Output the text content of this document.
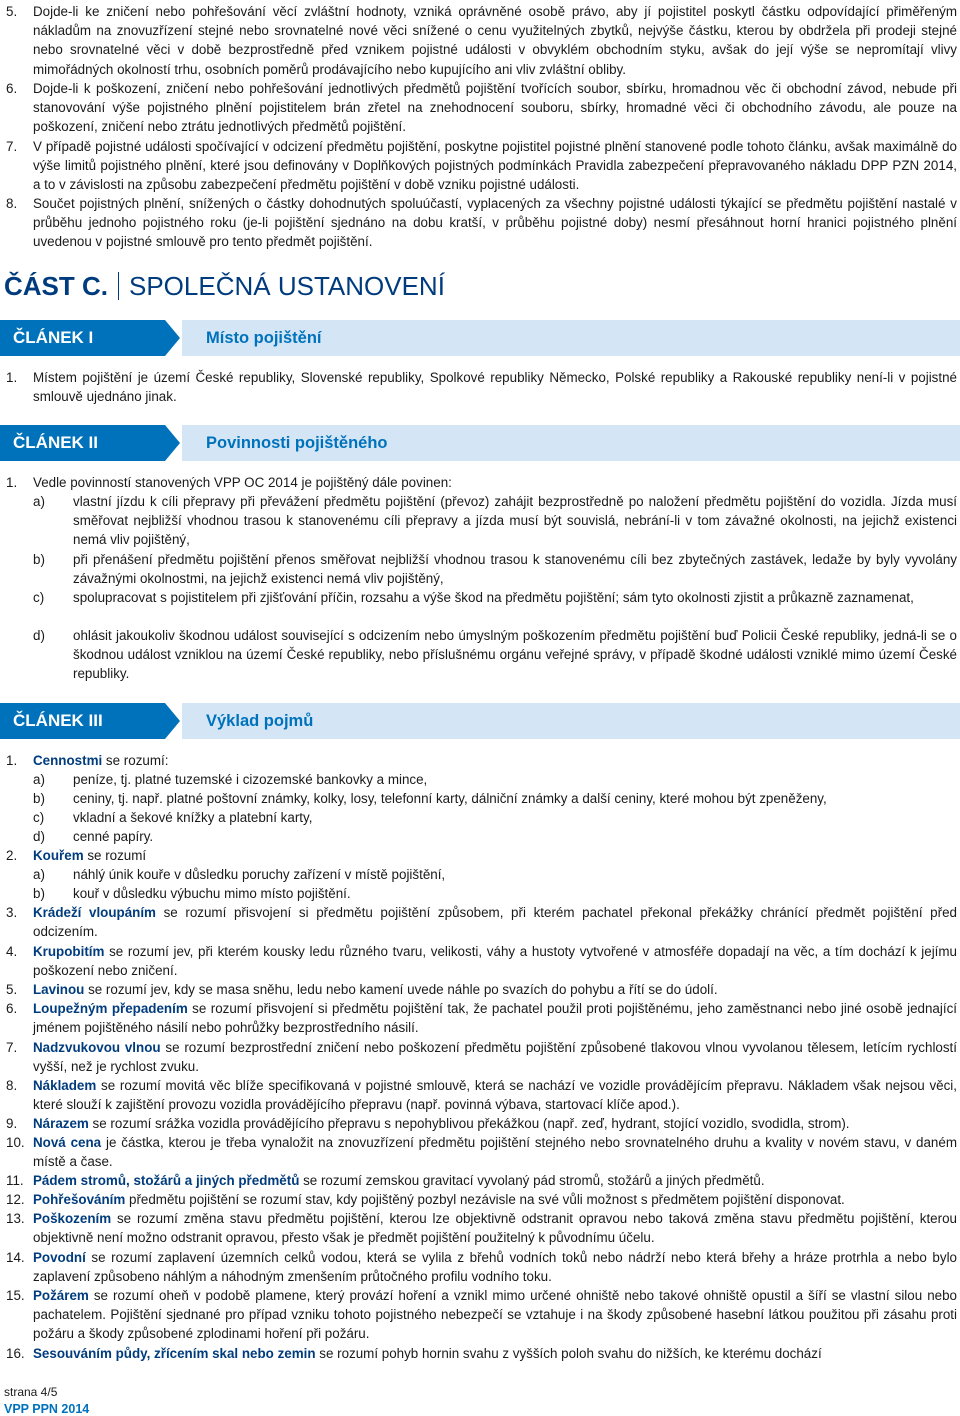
5.	Dojde-li ke zničení nebo pohřešování věcí zvláštní hodnoty, vzniká oprávněné osobě právo, aby jí pojistitel poskytl částku odpovídající přiměřeným nákladům na znovuzřízení stejné nebo srovnatelné nové věci snížené o cenu využitelných zbytků, nejvýše částku, kterou by obdržela při prodeji stejné nebo srovnatelné věci v době bezprostředně před vznikem pojistné události v obvyklém obchodním styku, avšak do její výše se nepromítají vlivy mimořádných okolností trhu, osobních poměrů prodávajícího nebo kupujícího ani vliv zvláštní obliby.
6.	Dojde-li k poškození, zničení nebo pohřešování jednotlivých předmětů pojištění tvořících soubor, sbírku, hromadnou věc či obchodní závod, nebude při stanovování výše pojistného plnění pojistitelem brán zřetel na znehodnocení souboru, sbírky, hromadné věci či obchodního závodu, ale pouze na poškození, zničení nebo ztrátu jednotlivých předmětů pojištění.
7.	V případě pojistné události spočívající v odcizení předmětu pojištění, poskytne pojistitel pojistné plnění stanovené podle tohoto článku, avšak maximálně do výše limitů pojistného plnění, které jsou definovány v Doplňkových pojistných podmínkách Pravidla zabezpečení přepravovaného nákladu DPP PZN 2014, a to v závislosti na způsobu zabezpečení předmětu pojištění v době vzniku pojistné události.
8.	Součet pojistných plnění, snížených o částky dohodnutých spoluúčastí, vyplacených za všechny pojistné události týkající se předmětu pojištění nastalé v průběhu jednoho pojistného roku (je-li pojištění sjednáno na dobu kratší, v průběhu pojistné doby) nesmí přesáhnout horní hranici pojistného plnění uvedenou v pojistné smlouvě pro tento předmět pojištění.
ČÁST C. SPOLEČNÁ USTANOVENÍ
ČLÁNEK I	Místo pojištění
1.	Místem pojištění je území České republiky, Slovenské republiky, Spolkové republiky Německo, Polské republiky a Rakouské republiky není-li v pojistné smlouvě ujednáno jinak.
ČLÁNEK II	Povinnosti pojištěného
1.	Vedle povinností stanovených VPP OC 2014 je pojištěný dále povinen:
a)	vlastní jízdu k cíli přepravy při převážení předmětu pojištění (převoz) zahájit bezprostředně po naložení předmětu pojištění do vozidla. Jízda musí směřovat nejbližší vhodnou trasou k stanovenému cíli přepravy a jízda musí být souvislá, nebrání-li v tom závažné okolnosti, na jejichž existenci nemá vliv pojištěný,
b)	při přenášení předmětu pojištění přenos směřovat nejbližší vhodnou trasou k stanovenému cíli bez zbytečných zastávek, ledaže by byly vyvolány závažnými okolnostmi, na jejichž existenci nemá vliv pojištěný,
c)	spolupracovat s pojistitelem při zjišťování příčin, rozsahu a výše škod na předmětu pojištění; sám tyto okolnosti zjistit a průkazně zaznamenat,
d)	ohlásit jakoukoliv škodnou událost související s odcizením nebo úmyslným poškozením předmětu pojištění buď Policii České republiky, jedná-li se o škodnou událost vzniklou na území České republiky, nebo příslušnému orgánu veřejné správy, v případě škodné události vzniklé mimo území České republiky.
ČLÁNEK III	Výklad pojmů
1.	Cennostmi se rozumí:
a)	peníze, tj. platné tuzemské i cizozemské bankovky a mince,
b)	ceniny, tj. např. platné poštovní známky, kolky, losy, telefonní karty, dálniční známky a další ceniny, které mohou být zpeněženy,
c)	vkladní a šekové knížky a platební karty,
d)	cenné papíry.
2.	Kouřem se rozumí
a)	náhlý únik kouře v důsledku poruchy zařízení v místě pojištění,
b)	kouř v důsledku výbuchu mimo místo pojištění.
3.	Krádeží vloupáním se rozumí přisvojení si předmětu pojištění způsobem, při kterém pachatel překonal překážky chránící předmět pojištění před odcizením.
4.	Krupobitím se rozumí jev, při kterém kousky ledu různého tvaru, velikosti, váhy a hustoty vytvořené v atmosféře dopadají na věc, a tím dochází k jejímu poškození nebo zničení.
5.	Lavinou se rozumí jev, kdy se masa sněhu, ledu nebo kamení uvede náhle po svazích do pohybu a řítí se do údolí.
6.	Loupežným přepadením se rozumí přisvojení si předmětu pojištění tak, že pachatel použil proti pojištěnému, jeho zaměstnanci nebo jiné osobě jednající jménem pojištěného násilí nebo pohrůžky bezprostředního násilí.
7.	Nadzvukovou vlnou se rozumí bezprostřední zničení nebo poškození předmětu pojištění způsobené tlakovou vlnou vyvolanou tělesem, letícím rychlostí vyšší, než je rychlost zvuku.
8.	Nákladem se rozumí movitá věc blíže specifikovaná v pojistné smlouvě, která se nachází ve vozidle provádějícím přepravu. Nákladem však nejsou věci, které slouží k zajištění provozu vozidla provádějícího přepravu (např. povinná výbava, startovací klíče apod.).
9.	Nárazem se rozumí srážka vozidla provádějícího přepravu s nepohyblivou překážkou (např. zeď, hydrant, stojící vozidlo, svodidla, strom).
10. Nová cena je částka, kterou je třeba vynaložit na znovuzřízení předmětu pojištění stejného nebo srovnatelného druhu a kvality v novém stavu, v daném místě a čase.
11. Pádem stromů, stožárů a jiných předmětů se rozumí zemskou gravitací vyvolaný pád stromů, stožárů a jiných předmětů.
12. Pohřešováním předmětu pojištění se rozumí stav, kdy pojištěný pozbyl nezávisle na své vůli možnost s předmětem pojištění disponovat.
13. Poškozením se rozumí změna stavu předmětu pojištění, kterou lze objektivně odstranit opravou nebo taková změna stavu předmětu pojištění, kterou objektivně není možno odstranit opravou, přesto však je předmět pojištění použitelný k původnímu účelu.
14. Povodní se rozumí zaplavení územních celků vodou, která se vylila z břehů vodních toků nebo nádrží nebo která břehy a hráze protrhla a nebo bylo zaplavení způsobeno náhlým a náhodným zmenšením průtočného profilu vodního toku.
15. Požárem se rozumí oheň v podobě plamene, který provází hoření a vznikl mimo určené ohniště nebo takové ohniště opustil a šíří se vlastní silou nebo pachatelem. Pojištění sjednané pro případ vzniku tohoto pojistného nebezpečí se vztahuje i na škody způsobené hasební látkou použitou při zásahu proti požáru a škody způsobené zplodinami hoření při požáru.
16. Sesouváním půdy, zřícením skal nebo zemin se rozumí pohyb hornin svahu z vyšších poloh svahu do nižších, ke kterému dochází
strana 4/5
VPP PPN 2014
